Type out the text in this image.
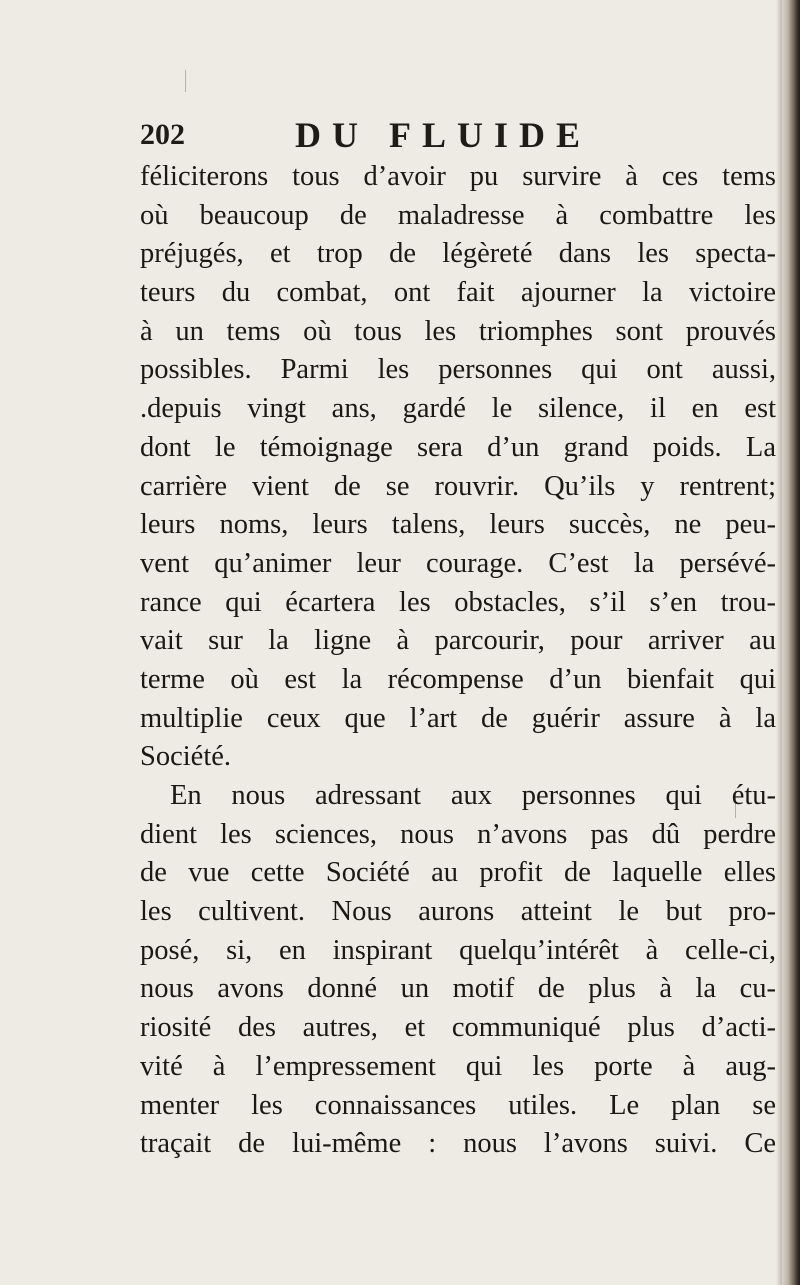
202	DU FLUIDE
féliciterons tous d’avoir pu survire à ces tems
où beaucoup de maladresse à combattre les
préjugés, et trop de légèreté dans les specta-
teurs du combat, ont fait ajourner la victoire
à un tems où tous les triomphes sont prouvés
possibles. Parmi les personnes qui ont aussi,
.depuis vingt ans, gardé le silence, il en est
dont le témoignage sera d’un grand poids. La
carrière vient de se rouvrir. Qu’ils y rentrent;
leurs noms, leurs talens, leurs succès, ne peu-
vent qu’animer leur courage. C’est la persévé-
rance qui écartera les obstacles, s’il s’en trou-
vait sur la ligne à parcourir, pour arriver au
terme où est la récompense d’un bienfait qui
multiplie ceux que l’art de guérir assure à la
Société.
En nous adressant aux personnes qui étu-
dient les sciences, nous n’avons pas dû perdre
de vue cette Société au profit de laquelle elles
les cultivent. Nous aurons atteint le but pro-
posé, si, en inspirant quelqu’intérêt à celle-ci,
nous avons donné un motif de plus à la cu-
riosité des autres, et communiqué plus d’acti-
vité à l’empressement qui les porte à aug-
menter les connaissances utiles. Le plan se
traçait de lui-même : nous l’avons suivi. Ce
